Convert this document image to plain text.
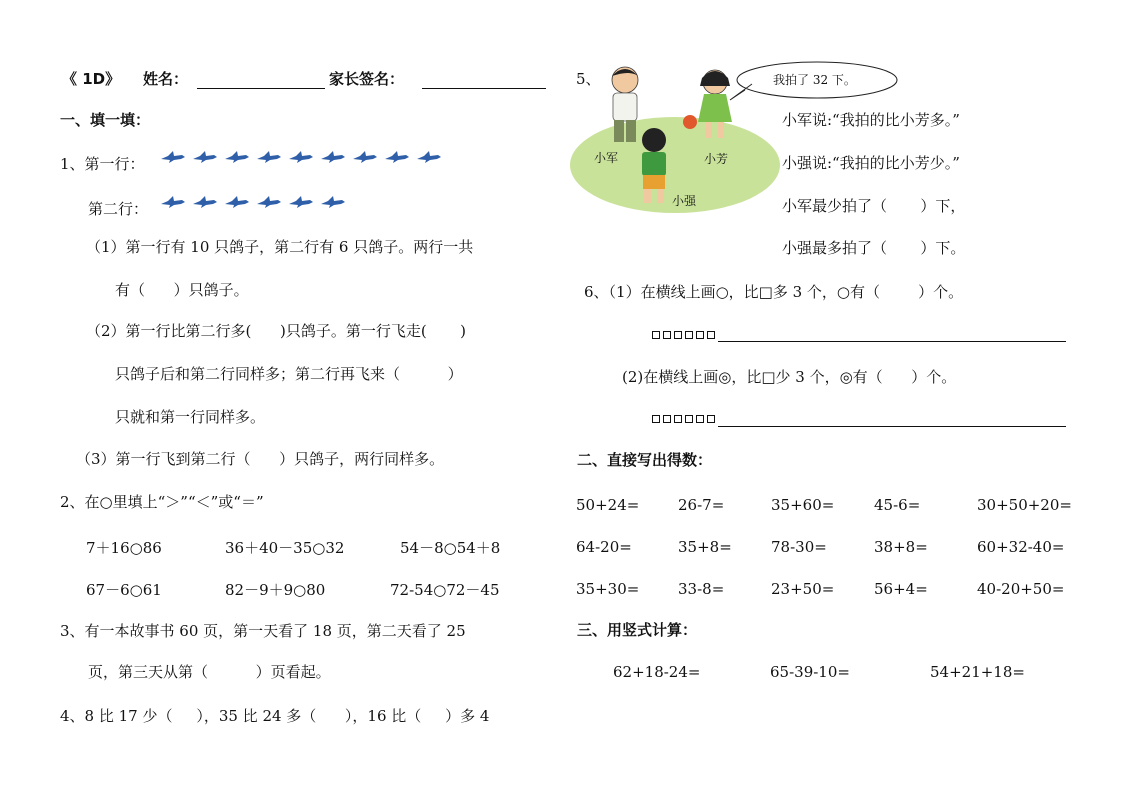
《 1D》 姓名：	家长签名：
一、填一填：
1、第一行：
第二行：
（1）第一行有 10 只鸽子，第二行有 6 只鸽子。两行一共
有（      ）只鸽子。
（2）第一行比第二行多(      )只鸽子。第一行飞走(       )
只鸽子后和第二行同样多；第二行再飞来（          ）
只就和第一行同样多。
（3）第一行飞到第二行（      ）只鸽子，两行同样多。
2、在○里填上“＞”“＜”或“＝”
7＋16○86	36＋40－35○32	54－8○54＋8
67－6○61	82－9＋9○80	72-54○72－45
3、有一本故事书 60 页，第一天看了 18 页，第二天看了 25
页，第三天从第（          ）页看起。
4、8 比 17 少（     ），35 比 24 多（      ），16 比（     ）多 4
5、	我拍了 32 下。
小军	小芳
小强
小军说:“我拍的比小芳多。”
小强说:“我拍的比小芳少。”
小军最少拍了（       ）下，
小强最多拍了（       ）下。
6、（1）在横线上画○，比□多 3 个，○有（        ）个。
(2)在横线上画◎，比□少 3 个，◎有（      ）个。
二、直接写出得数：
50+24=	26-7=	35+60=	45-6=	30+50+20=
64-20=	35+8=	78-30=	38+8=	60+32-40=
35+30=	33-8=	23+50=	56+4=	40-20+50=
三、用竖式计算：
62+18-24=	65-39-10=	54+21+18=
